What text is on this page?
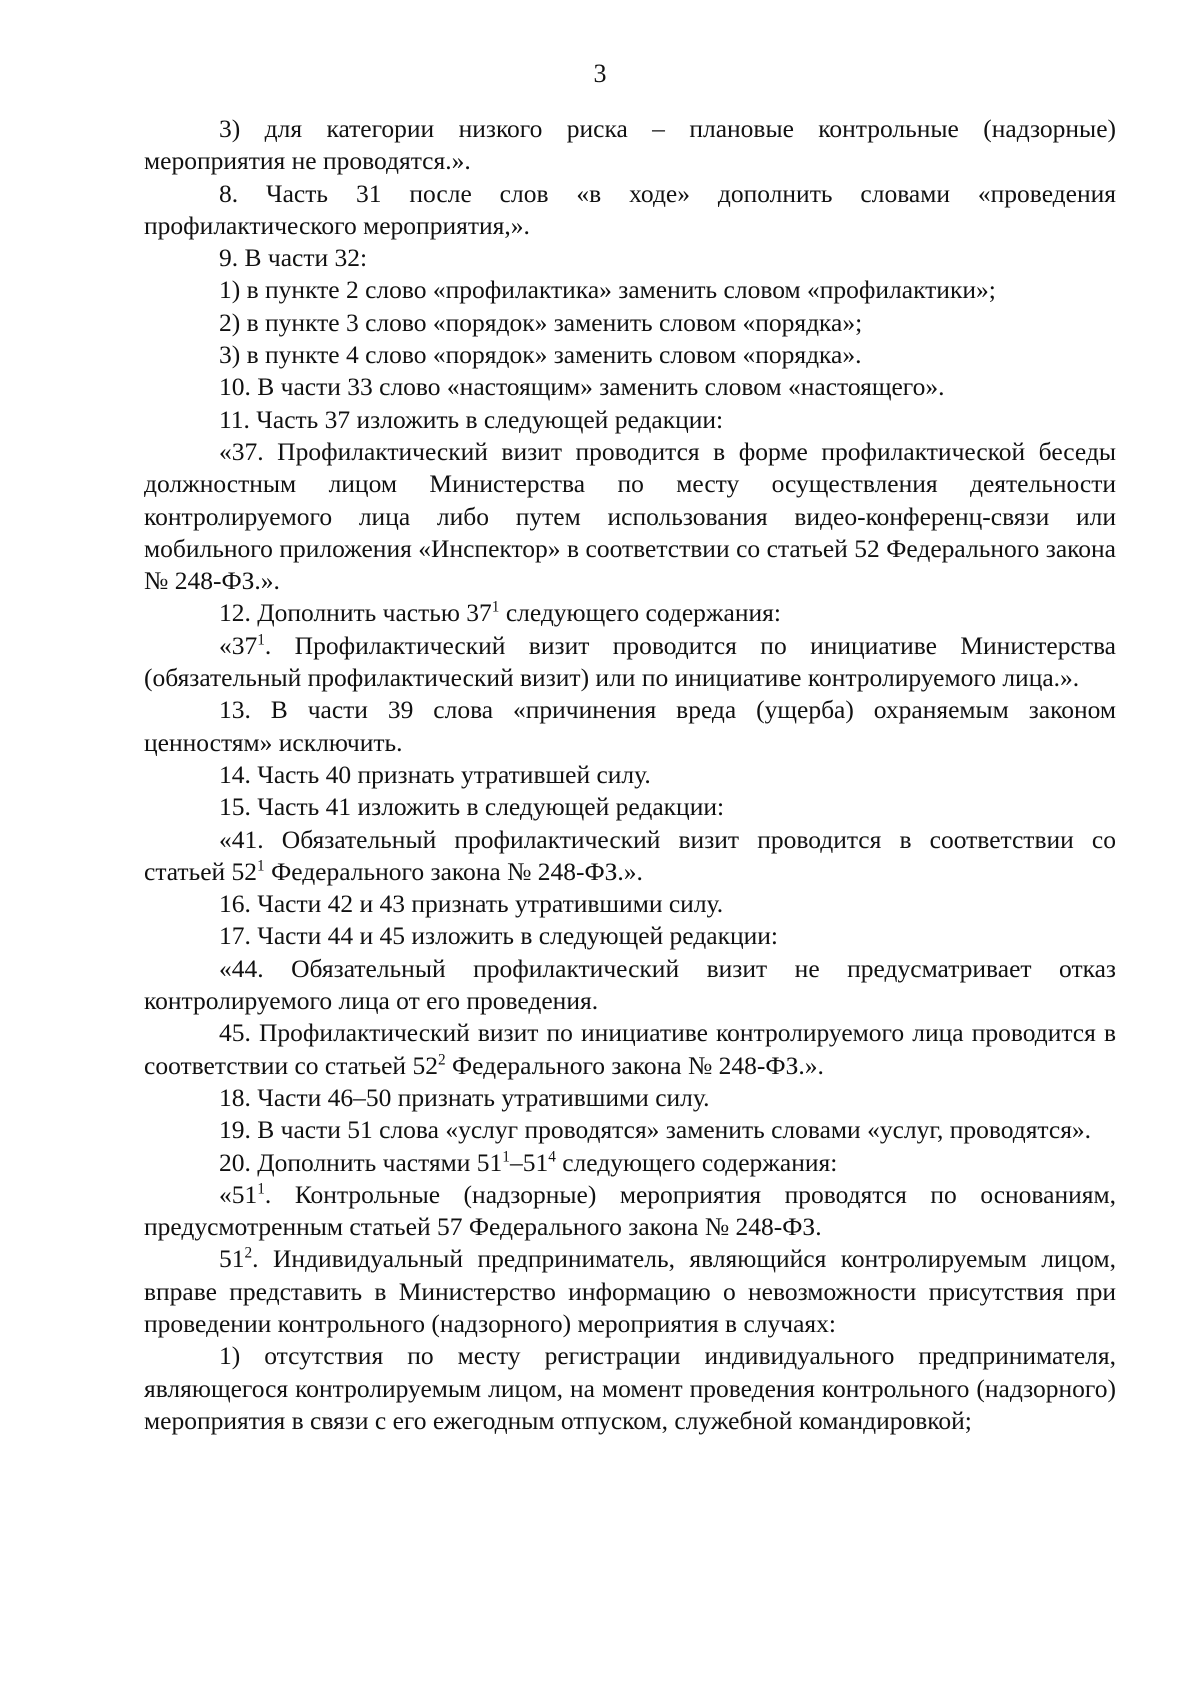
3

3) для категории низкого риска – плановые контрольные (надзорные) мероприятия не проводятся.».

8. Часть 31 после слов «в ходе» дополнить словами «проведения профилактического мероприятия,».

9. В части 32:

1) в пункте 2 слово «профилактика» заменить словом «профилактики»;

2) в пункте 3 слово «порядок» заменить словом «порядка»;

3) в пункте 4 слово «порядок» заменить словом «порядка».

10. В части 33 слово «настоящим» заменить словом «настоящего».

11. Часть 37 изложить в следующей редакции:

«37. Профилактический визит проводится в форме профилактической беседы должностным лицом Министерства по месту осуществления деятельности контролируемого лица либо путем использования видео-конференц-связи или мобильного приложения «Инспектор» в соответствии со статьей 52 Федерального закона № 248-ФЗ.».

12. Дополнить частью $37^1$ следующего содержания:

«$37^1$. Профилактический визит проводится по инициативе Министерства (обязательный профилактический визит) или по инициативе контролируемого лица.».

13. В части 39 слова «причинения вреда (ущерба) охраняемым законом ценностям» исключить.

14. Часть 40 признать утратившей силу.

15. Часть 41 изложить в следующей редакции:

«41. Обязательный профилактический визит проводится в соответствии со статьей $52^1$ Федерального закона № 248-ФЗ.».

16. Части 42 и 43 признать утратившими силу.

17. Части 44 и 45 изложить в следующей редакции:

«44. Обязательный профилактический визит не предусматривает отказ контролируемого лица от его проведения.

45. Профилактический визит по инициативе контролируемого лица проводится в соответствии со статьей $52^2$ Федерального закона № 248-ФЗ.».

18. Части 46–50 признать утратившими силу.

19. В части 51 слова «услуг проводятся» заменить словами «услуг, проводятся».

20. Дополнить частями $51^1-51^4$ следующего содержания:

«$51^1$. Контрольные (надзорные) мероприятия проводятся по основаниям, предусмотренным статьей 57 Федерального закона № 248-ФЗ.

$51^2$. Индивидуальный предприниматель, являющийся контролируемым лицом, вправе представить в Министерство информацию о невозможности присутствия при проведении контрольного (надзорного) мероприятия в случаях:

1) отсутствия по месту регистрации индивидуального предпринимателя, являющегося контролируемым лицом, на момент проведения контрольного (надзорного) мероприятия в связи с его ежегодным отпуском, служебной командировкой;
